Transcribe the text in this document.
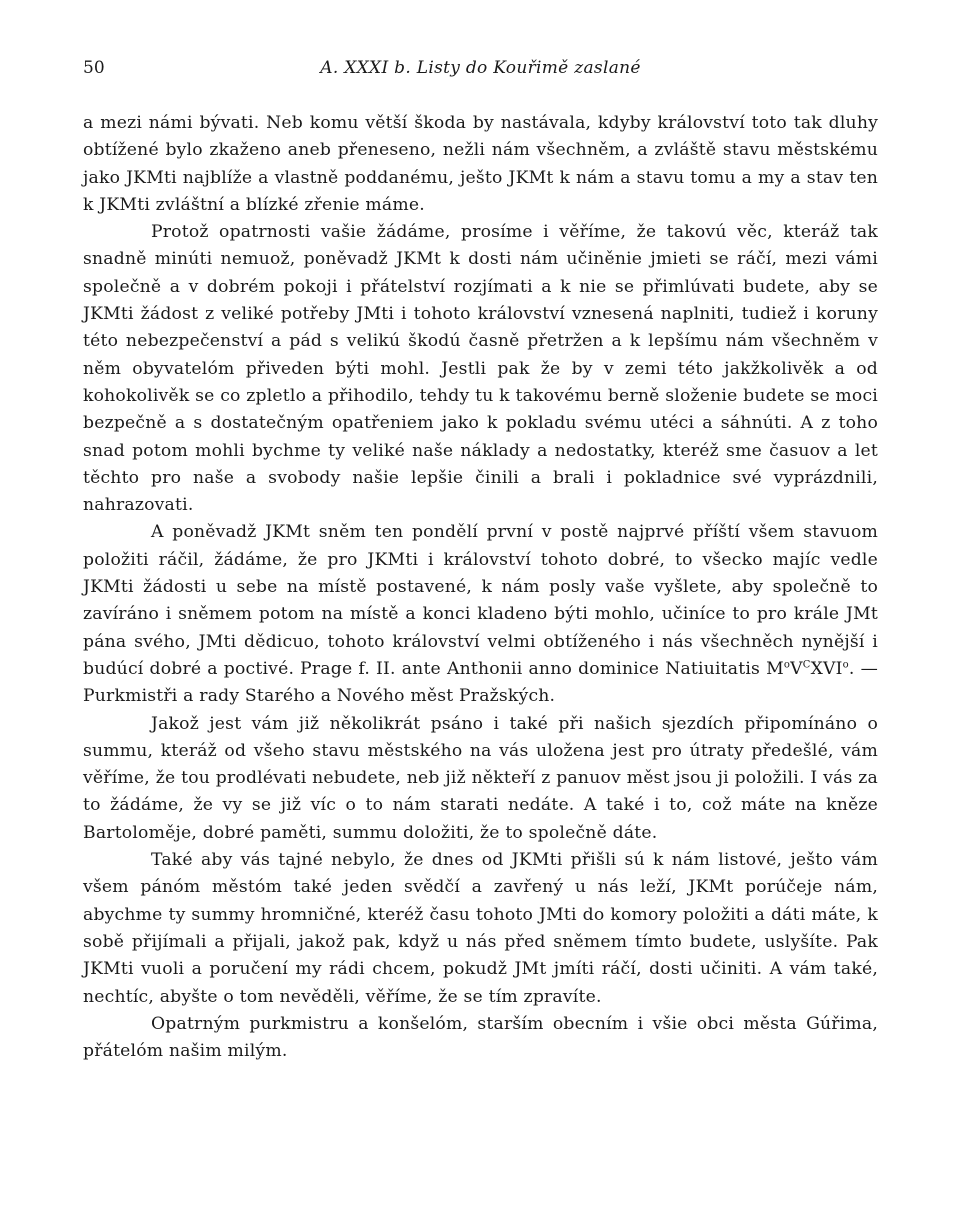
50	A. XXXI b. Listy do Kouřimě zaslané

a mezi námi bývati. Neb komu větší škoda by nastávala, kdyby království toto tak dluhy obtížené bylo zkaženo aneb přeneseno, nežli nám všechněm, a zvláště stavu městskému jako JKMti najblíže a vlastně poddanému, ješto JKMt k nám a stavu tomu a my a stav ten k JKMti zvláštní a blízké zřenie máme.

Protož opatrnosti vašie žádáme, prosíme i věříme, že takovú věc, kteráž tak snadně minúti nemuož, poněvadž JKMt k dosti nám učiněnie jmieti se ráčí, mezi vámi společně a v dobrém pokoji i přátelství rozjímati a k nie se přimlúvati budete, aby se JKMti žádost z veliké potřeby JMti i tohoto království vznesená naplniti, tudiež i koruny této nebezpečenství a pád s velikú škodú časně přetržen a k lepšímu nám všechněm v něm obyvatelóm přiveden býti mohl. Jestli pak že by v zemi této jakžkolivěk a od kohokolivěk se co zpletlo a přihodilo, tehdy tu k takovému berně složenie budete se moci bezpečně a s dostatečným opatřeniem jako k pokladu svému utéci a sáhnúti. A z toho snad potom mohli bychme ty veliké naše náklady a nedostatky, kteréž sme časuov a let těchto pro naše a svobody našie lepšie činili a brali i pokladnice své vyprázdnili, nahrazovati.

A poněvadž JKMt sněm ten pondělí první v postě najprvé příští všem stavuom položiti ráčil, žádáme, že pro JKMti i království tohoto dobré, to všecko majíc vedle JKMti žádosti u sebe na místě postavené, k nám posly vaše vyšlete, aby společně to zavíráno i sněmem potom na místě a konci kladeno býti mohlo, učiníce to pro krále JMt pána svého, JMti dědicuo, tohoto království velmi obtíženého i nás všechněch nynější i budúcí dobré a poctivé. Prage f. II. ante Anthonii anno dominice Natiuitatis $M^oV^CXVI^o$. — Purkmistři a rady Starého a Nového měst Pražských.

Jakož jest vám již několikrát psáno i také při našich sjezdích připomínáno o summu, kteráž od všeho stavu městského na vás uložena jest pro útraty předešlé, vám věříme, že tou prodlévati nebudete, neb již někteří z panuov měst jsou ji položili. I vás za to žádáme, že vy se již víc o to nám starati nedáte. A také i to, což máte na kněze Bartoloměje, dobré paměti, summu doložiti, že to společně dáte.

Také aby vás tajné nebylo, že dnes od JKMti přišli sú k nám listové, ješto vám všem pánóm městóm také jeden svědčí a zavřený u nás leží, JKMt porúčeje nám, abychme ty summy hromničné, kteréž času tohoto JMti do komory položiti a dáti máte, k sobě přijímali a přijali, jakož pak, když u nás před sněmem tímto budete, uslyšíte. Pak JKMti vuoli a poručení my rádi chcem, pokudž JMt jmíti ráčí, dosti učiniti. A vám také, nechtíc, abyšte o tom nevěděli, věříme, že se tím zpravíte.

Opatrným purkmistru a konšelóm, starším obecním i všie obci města Gúřima, přátelóm našim milým.
